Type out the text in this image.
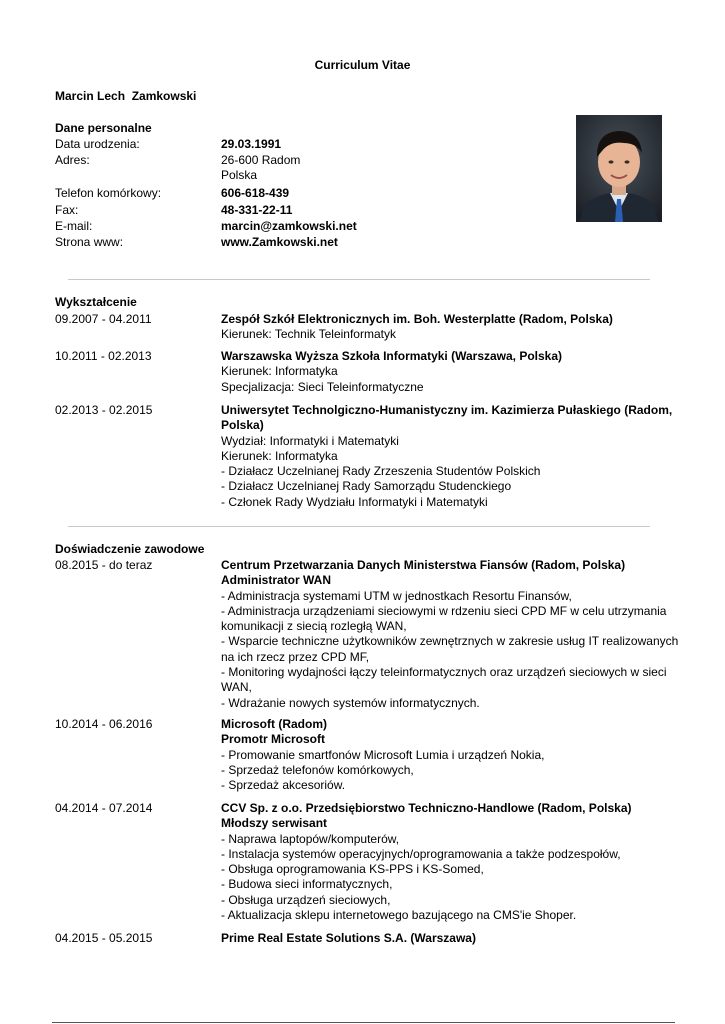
Curriculum Vitae
Marcin Lech  Zamkowski
Dane personalne
Data urodzenia:	29.03.1991
Adres:	26-600 Radom
Polska
Telefon komórkowy:	606-618-439
Fax:	48-331-22-11
E-mail:	marcin@zamkowski.net
Strona www:	www.Zamkowski.net
Wykształcenie
09.2007 - 04.2011	Zespół Szkół Elektronicznych im. Boh. Westerplatte (Radom, Polska)
Kierunek: Technik Teleinformatyk
10.2011 - 02.2013	Warszawska Wyższa Szkoła Informatyki (Warszawa, Polska)
Kierunek: Informatyka
Specjalizacja: Sieci Teleinformatyczne
02.2013 - 02.2015	Uniwersytet Technolgiczno-Humanistyczny im. Kazimierza Pułaskiego (Radom, Polska)
Wydział: Informatyki i Matematyki
Kierunek: Informatyka
- Działacz Uczelnianej Rady Zrzeszenia Studentów Polskich
- Działacz Uczelnianej Rady Samorządu Studenckiego
- Członek Rady Wydziału Informatyki i Matematyki
Doświadczenie zawodowe
08.2015 - do teraz	Centrum Przetwarzania Danych Ministerstwa Fiansów (Radom, Polska)
Administrator WAN
- Administracja systemami UTM w jednostkach Resortu Finansów,
- Administracja urządzeniami sieciowymi w rdzeniu sieci CPD MF w celu utrzymania komunikacji z siecią rozległą WAN,
- Wsparcie techniczne użytkowników zewnętrznych w zakresie usług IT realizowanych na ich rzecz przez CPD MF,
- Monitoring wydajności łączy teleinformatycznych oraz urządzeń sieciowych w sieci WAN,
- Wdrażanie nowych systemów informatycznych.
10.2014 - 06.2016	Microsoft (Radom)
Promotr Microsoft
- Promowanie smartfonów Microsoft Lumia i urządzeń Nokia,
- Sprzedaż telefonów komórkowych,
- Sprzedaż akcesoriów.
04.2014 - 07.2014	CCV Sp. z o.o. Przedsiębiorstwo Techniczno-Handlowe (Radom, Polska)
Młodszy serwisant
- Naprawa laptopów/komputerów,
- Instalacja systemów operacyjnych/oprogramowania a także podzespołów,
- Obsługa oprogramowania KS-PPS i KS-Somed,
- Budowa sieci informatycznych,
- Obsługa urządzeń sieciowych,
- Aktualizacja sklepu internetowego bazującego na CMS'ie Shoper.
04.2015 - 05.2015	Prime Real Estate Solutions S.A. (Warszawa)
